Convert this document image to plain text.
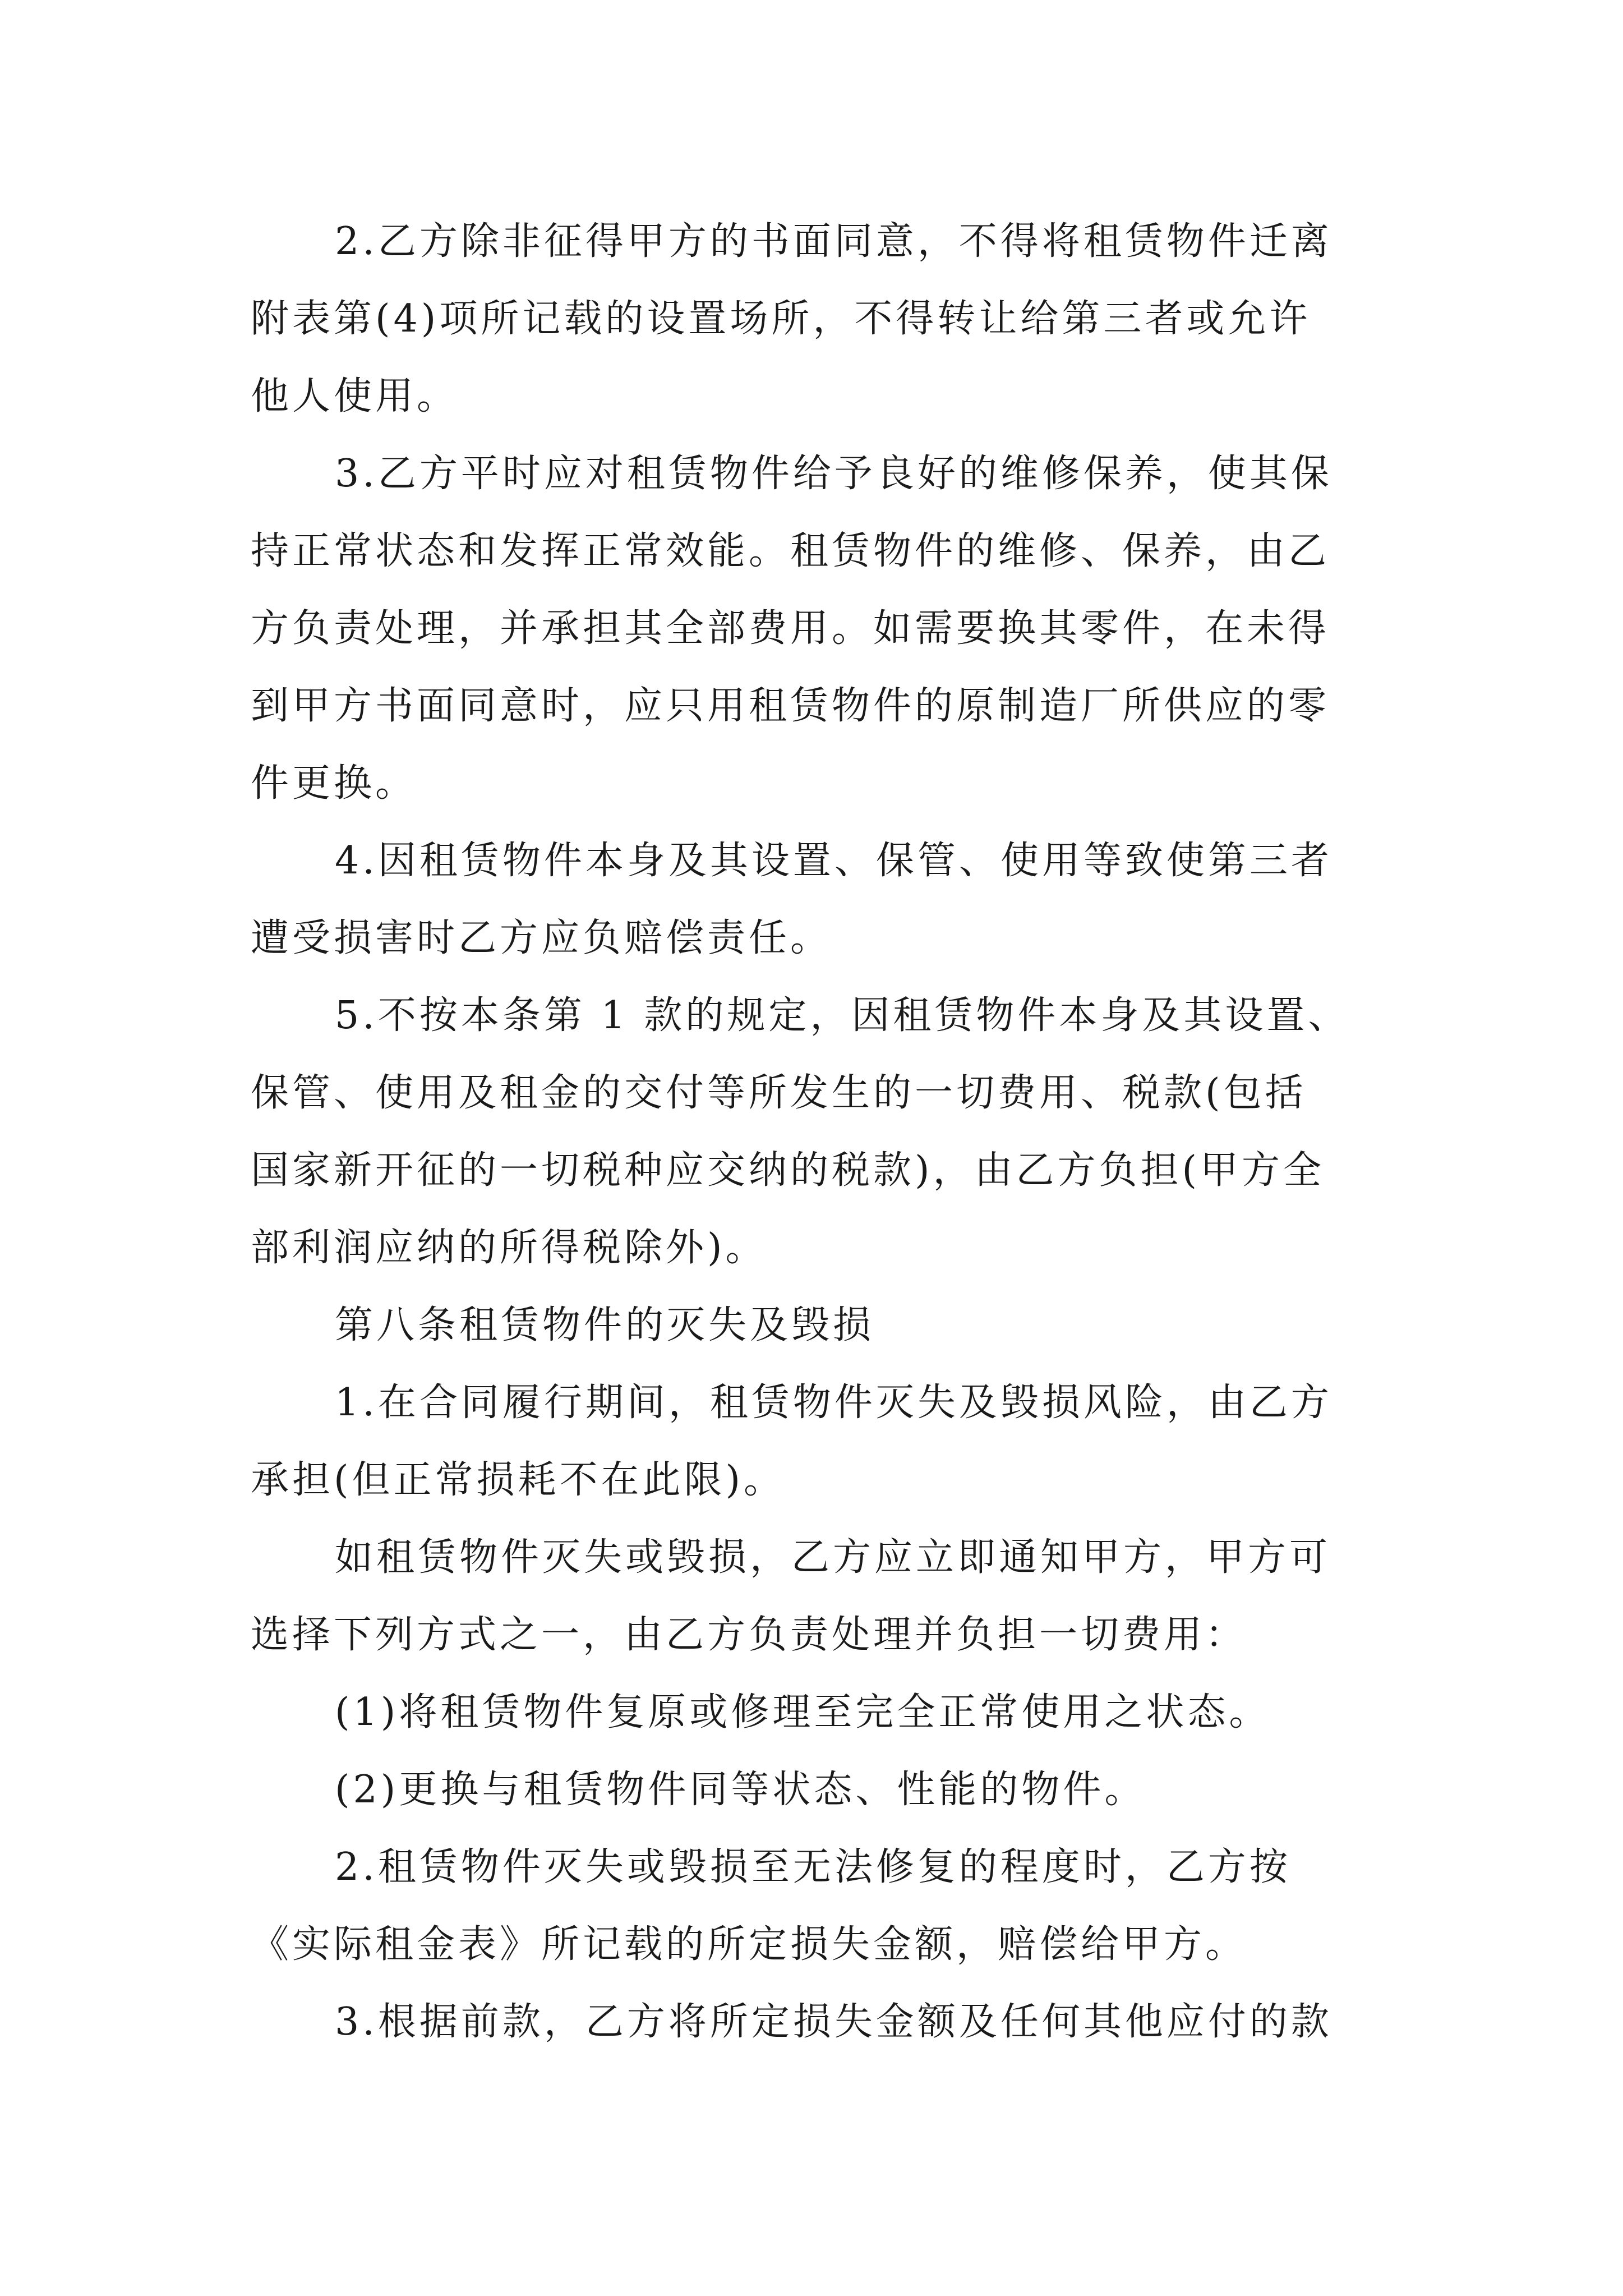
2.乙方除非征得甲方的书面同意，不得将租赁物件迁离
附表第(4)项所记载的设置场所，不得转让给第三者或允许
他人使用。
3.乙方平时应对租赁物件给予良好的维修保养，使其保
持正常状态和发挥正常效能。租赁物件的维修、保养，由乙
方负责处理，并承担其全部费用。如需要换其零件，在未得
到甲方书面同意时，应只用租赁物件的原制造厂所供应的零
件更换。
4.因租赁物件本身及其设置、保管、使用等致使第三者
遭受损害时乙方应负赔偿责任。
5.不按本条第 1 款的规定，因租赁物件本身及其设置、
保管、使用及租金的交付等所发生的一切费用、税款(包括
国家新开征的一切税种应交纳的税款)，由乙方负担(甲方全
部利润应纳的所得税除外)。
第八条租赁物件的灭失及毁损
1.在合同履行期间，租赁物件灭失及毁损风险，由乙方
承担(但正常损耗不在此限)。
如租赁物件灭失或毁损，乙方应立即通知甲方，甲方可
选择下列方式之一，由乙方负责处理并负担一切费用：
(1)将租赁物件复原或修理至完全正常使用之状态。
(2)更换与租赁物件同等状态、性能的物件。
2.租赁物件灭失或毁损至无法修复的程度时，乙方按
《实际租金表》所记载的所定损失金额，赔偿给甲方。
3.根据前款，乙方将所定损失金额及任何其他应付的款
